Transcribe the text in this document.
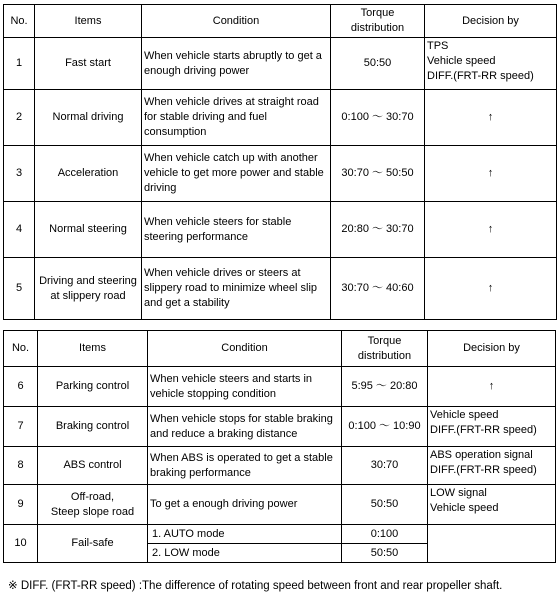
No.	Items	Condition	Torque
distribution	Decision by
1	Fast start	When vehicle starts abruptly to get a enough driving power	50:50	TPS
Vehicle speed
DIFF.(FRT-RR speed)

2	Normal driving	When vehicle drives at straight road for stable driving and fuel consumption	0:100 ～ 30:70	↑

3	Acceleration	When vehicle catch up with another vehicle to get more power and stable driving	30:70 ～ 50:50	↑

4	Normal steering	When vehicle steers for stable steering performance	20:80 ～ 30:70	↑

5	Driving and steering
at slippery road	When vehicle drives or steers at slippery road to minimize wheel slip and get a stability	30:70 ～ 40:60	↑
No.	Items	Condition	Torque
distribution	Decision by
6	Parking control	When vehicle steers and starts in vehicle stopping condition	5:95 ～ 20:80	↑

7	Braking control	When vehicle stops for stable braking and reduce a braking distance	0:100 ～ 10:90	Vehicle speed
DIFF.(FRT-RR speed)

8	ABS control	When ABS is operated to get a stable braking performance	30:70	ABS operation signal
DIFF.(FRT-RR speed)

9	Off-road,
Steep slope road	To get a enough driving power	50:50	LOW signal
Vehicle speed

10	Fail-safe	1. AUTO mode	0:100	
		2. LOW mode	50:50	
※ DIFF. (FRT-RR speed) :The difference of rotating speed between front and rear propeller shaft.
